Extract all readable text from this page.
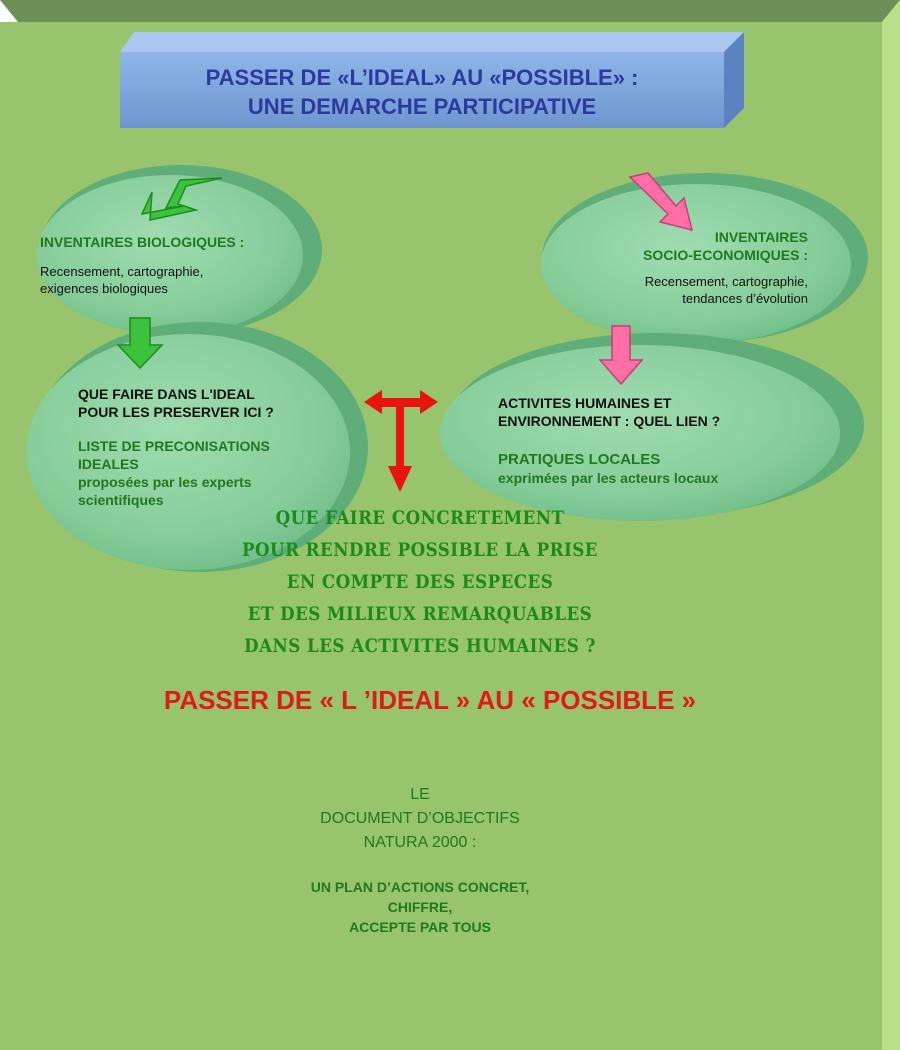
PASSER DE «L’IDEAL» AU «POSSIBLE» :
UNE DEMARCHE PARTICIPATIVE
INVENTAIRES BIOLOGIQUES :
Recensement, cartographie,
exigences biologiques
INVENTAIRES
SOCIO-ECONOMIQUES :
Recensement, cartographie,
tendances d’évolution
QUE FAIRE DANS L'IDEAL
POUR LES PRESERVER ICI ?
LISTE DE PRECONISATIONS
IDEALES
proposées par les experts
scientifiques
ACTIVITES HUMAINES ET
ENVIRONNEMENT : QUEL LIEN ?
PRATIQUES LOCALES
exprimées par les acteurs locaux
QUE FAIRE CONCRETEMENT
POUR RENDRE POSSIBLE LA PRISE
EN COMPTE DES ESPECES
ET DES MILIEUX REMARQUABLES
DANS LES ACTIVITES HUMAINES ?
PASSER DE « L ’IDEAL » AU « POSSIBLE »
LE
DOCUMENT D’OBJECTIFS
NATURA 2000 :
UN PLAN D’ACTIONS CONCRET,
CHIFFRE,
ACCEPTE PAR TOUS
